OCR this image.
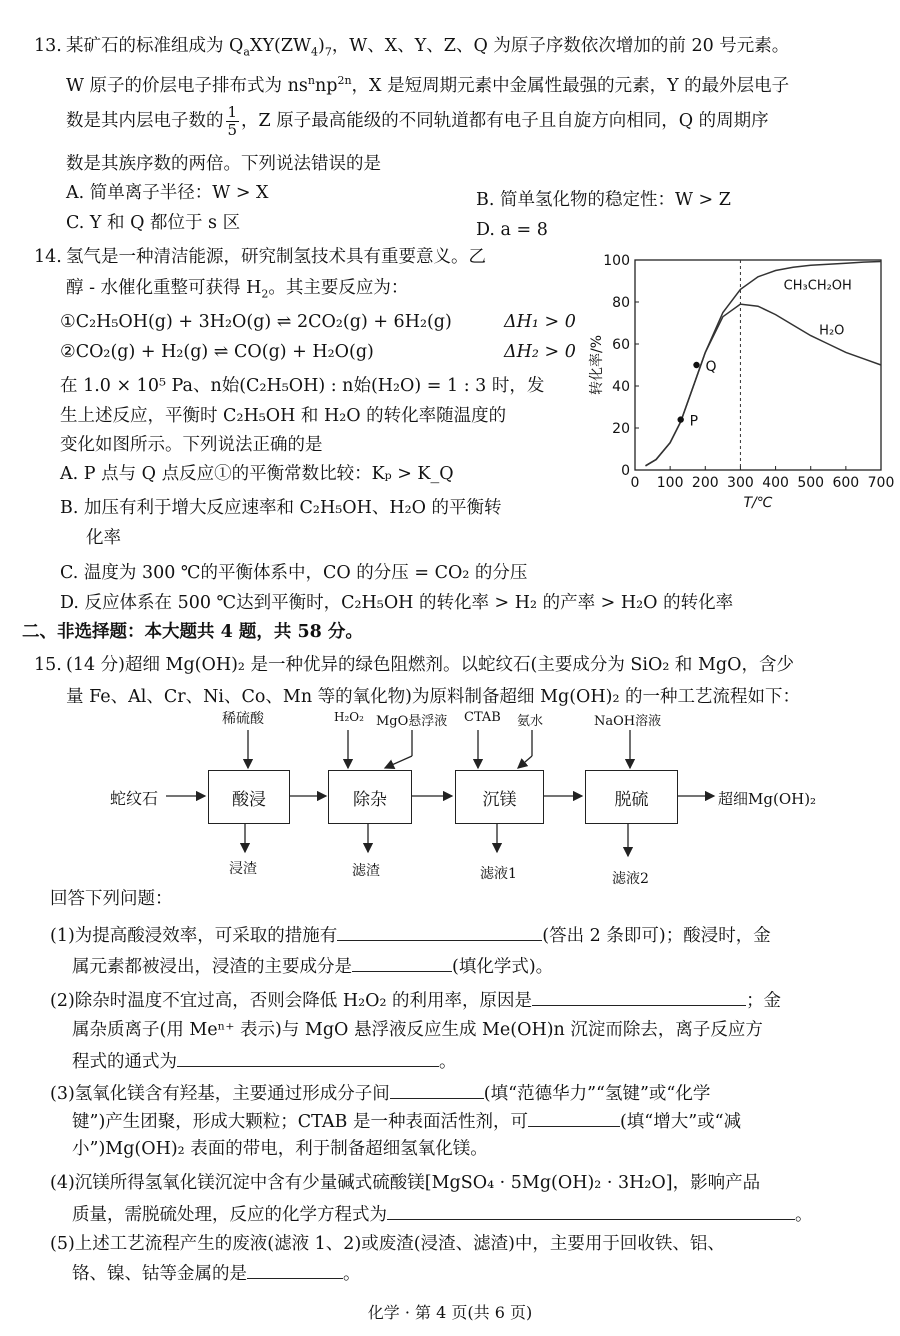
13. 某矿石的标准组成为 $Q_aXY(ZW_4)_7$，W、X、Y、Z、Q 为原子序数依次增加的前 20 号元素。
W 原子的价层电子排布式为 $ns^nnp^{2n}$，X 是短周期元素中金属性最强的元素，Y 的最外层电子
数是其内层电子数的 $\frac{1}{5}$ ，Z 原子最高能级的不同轨道都有电子且自旋方向相同，Q 的周期序
数是其族序数的两倍。下列说法错误的是
A. 简单离子半径：W > X	B. 简单氢化物的稳定性：W > Z
C. Y 和 Q 都位于 s 区	D. a = 8
14. 氢气是一种清洁能源，研究制氢技术具有重要意义。乙
醇 - 水催化重整可获得 $H_2$。其主要反应为：
①C₂H₅OH(g) + 3H₂O(g) ⇌ 2CO₂(g) + 6H₂(g)	ΔH₁ > 0
②CO₂(g) + H₂(g) ⇌ CO(g) + H₂O(g)	ΔH₂ > 0
在 1.0 × 10⁵ Pa、n始(C₂H₅OH) : n始(H₂O) = 1 : 3 时，发
生上述反应，平衡时 C₂H₅OH 和 H₂O 的转化率随温度的
变化如图所示。下列说法正确的是
A. P 点与 Q 点反应①的平衡常数比较：Kₚ > K_Q
B. 加压有利于增大反应速率和 C₂H₅OH、H₂O 的平衡转
化率
C. 温度为 300 ℃的平衡体系中，CO 的分压 = CO₂ 的分压
D. 反应体系在 500 ℃达到平衡时，C₂H₅OH 的转化率 > H₂ 的产率 > H₂O 的转化率
0 100 200 300 400 500 600 700
0
20
40
60
80
100
CH₃CH₂OH
H₂O
P
Q
T/℃
转化率/%
二、非选择题：本大题共 4 题，共 58 分。
15. (14 分)超细 Mg(OH)₂ 是一种优异的绿色阻燃剂。以蛇纹石(主要成分为 SiO₂ 和 MgO，含少
量 Fe、Al、Cr、Ni、Co、Mn 等的氧化物)为原料制备超细 Mg(OH)₂ 的一种工艺流程如下：
蛇纹石	酸浸	除杂	沉镁	脱硫	超细Mg(OH)₂
稀硫酸	H₂O₂ MgO悬浮液 CTAB 氨水	NaOH溶液
浸渣	滤渣	滤液1	滤液2
回答下列问题：
(1)为提高酸浸效率，可采取的措施有	(答出 2 条即可)；酸浸时，金
属元素都被浸出，浸渣的主要成分是	(填化学式)。
(2)除杂时温度不宜过高，否则会降低 H₂O₂ 的利用率，原因是	；金
属杂质离子(用 Meⁿ⁺ 表示)与 MgO 悬浮液反应生成 Me(OH)n 沉淀而除去，离子反应方
程式的通式为	。
(3)氢氧化镁含有羟基，主要通过形成分子间	(填“范德华力”“氢键”或“化学
键”)产生团聚，形成大颗粒；CTAB 是一种表面活性剂，可	(填“增大”或“减
小”)Mg(OH)₂ 表面的带电，利于制备超细氢氧化镁。
(4)沉镁所得氢氧化镁沉淀中含有少量碱式硫酸镁[MgSO₄ · 5Mg(OH)₂ · 3H₂O]，影响产品
质量，需脱硫处理，反应的化学方程式为	。
(5)上述工艺流程产生的废液(滤液 1、2)或废渣(浸渣、滤渣)中，主要用于回收铁、铝、
铬、镍、钴等金属的是	。
化学 · 第 4 页(共 6 页)
